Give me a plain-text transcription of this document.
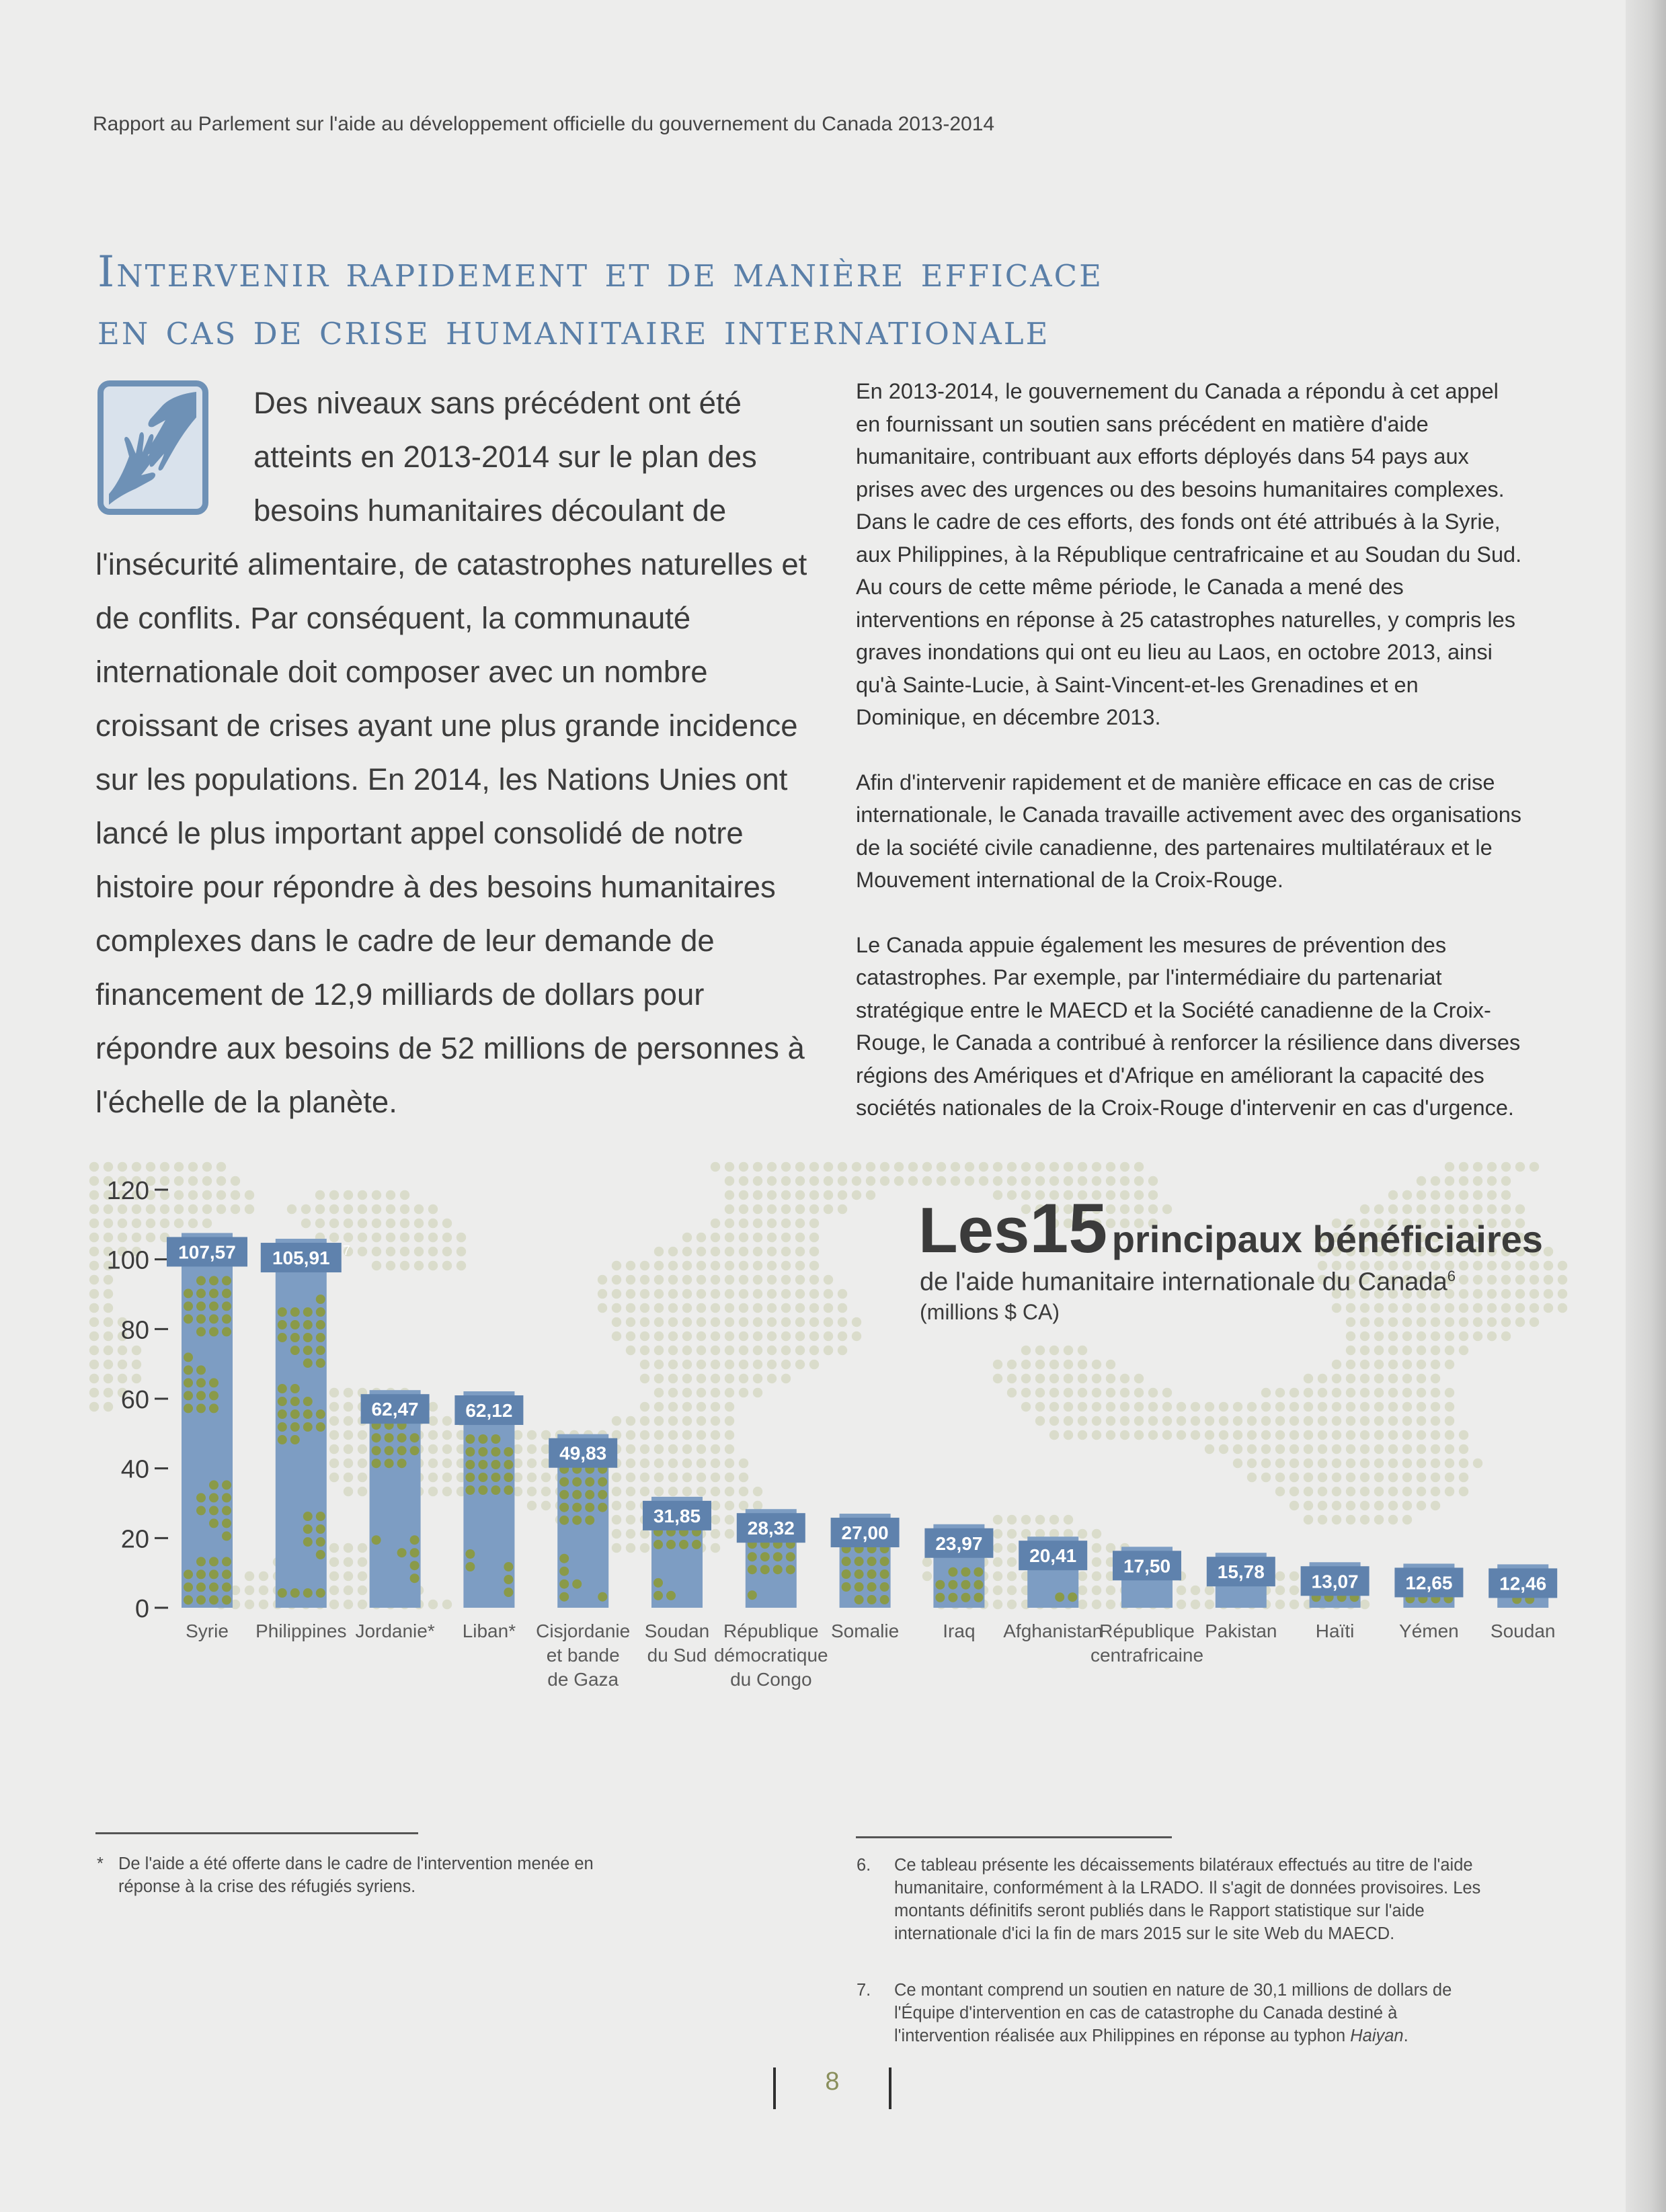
Rapport au Parlement sur l'aide au développement officielle du gouvernement du Canada 2013-2014
Intervenir rapidement et de manière efficace
en cas de crise humanitaire internationale

Des niveaux sans précédent ont été atteints en 2013-2014 sur le plan des besoins humanitaires découlant de l'insécurité alimentaire, de catastrophes naturelles et de conflits. Par conséquent, la communauté internationale doit composer avec un nombre croissant de crises ayant une plus grande incidence sur les populations. En 2014, les Nations Unies ont lancé le plus important appel consolidé de notre histoire pour répondre à des besoins humanitaires complexes dans le cadre de leur demande de financement de 12,9 milliards de dollars pour répondre aux besoins de 52 millions de personnes à l'échelle de la planète.

En 2013-2014, le gouvernement du Canada a répondu à cet appel en fournissant un soutien sans précédent en matière d'aide humanitaire, contribuant aux efforts déployés dans 54 pays aux prises avec des urgences ou des besoins humanitaires complexes. Dans le cadre de ces efforts, des fonds ont été attribués à la Syrie, aux Philippines, à la République centrafricaine et au Soudan du Sud. Au cours de cette même période, le Canada a mené des interventions en réponse à 25 catastrophes naturelles, y compris les graves inondations qui ont eu lieu au Laos, en octobre 2013, ainsi qu'à Sainte-Lucie, à Saint-Vincent-et-les Grenadines et en Dominique, en décembre 2013.

Afin d'intervenir rapidement et de manière efficace en cas de crise internationale, le Canada travaille activement avec des organisations de la société civile canadienne, des partenaires multilatéraux et le Mouvement international de la Croix-Rouge.

Le Canada appuie également les mesures de prévention des catastrophes. Par exemple, par l'intermédiaire du partenariat stratégique entre le MAECD et la Société canadienne de la Croix-Rouge, le Canada a contribué à renforcer la résilience dans diverses régions des Amériques et d'Afrique en améliorant la capacité des sociétés nationales de la Croix-Rouge d'intervenir en cas d'urgence.

0
20
40
60
80
100
120
107,57
Syrie
105,91 7
Philippines
62,47
Jordanie*
62,12
Liban*
49,83
Cisjordanie
et bande
de Gaza
31,85
Soudan
du Sud
28,32
République
démocratique
du Congo
27,00
Somalie
23,97
Iraq
20,41
Afghanistan
17,50
République
centrafricaine
15,78
Pakistan
13,07
Haïti
12,65
Yémen
12,46
Soudan
Les15 principaux bénéficiaires
de l'aide humanitaire internationale du Canada$^6$
(millions $ CA)

* De l'aide a été offerte dans le cadre de l'intervention menée en réponse à la crise des réfugiés syriens.

6. Ce tableau présente les décaissements bilatéraux effectués au titre de l'aide humanitaire, conformément à la LRADO. Il s'agit de données provisoires. Les montants définitifs seront publiés dans le Rapport statistique sur l'aide internationale d'ici la fin de mars 2015 sur le site Web du MAECD.

7. Ce montant comprend un soutien en nature de 30,1 millions de dollars de l'Équipe d'intervention en cas de catastrophe du Canada destiné à l'intervention réalisée aux Philippines en réponse au typhon Haiyan.

8
